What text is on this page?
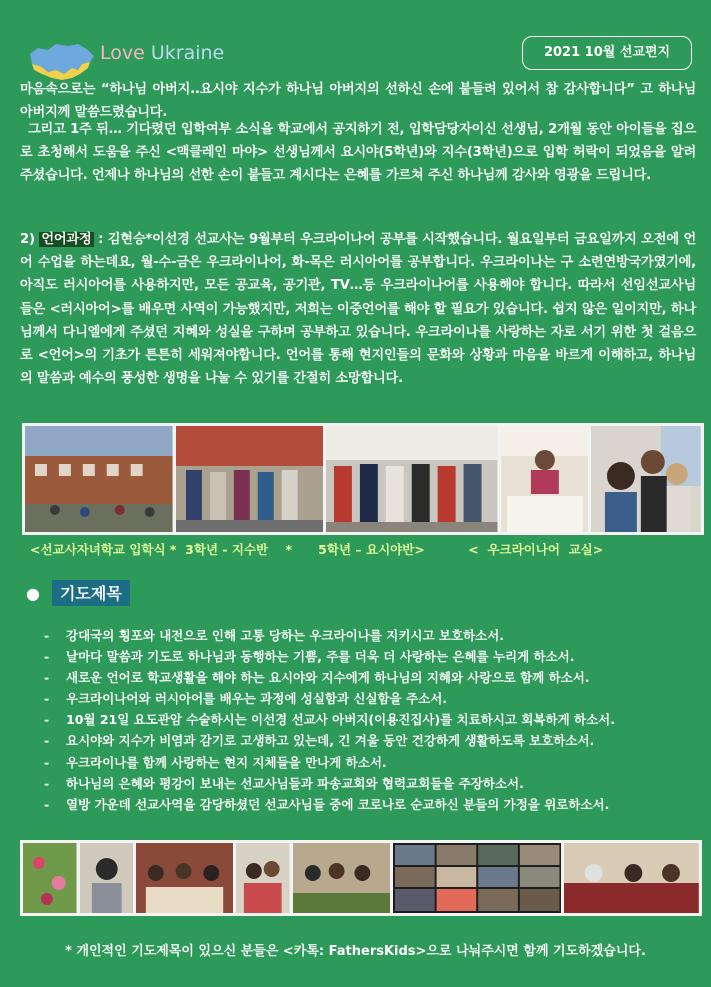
Love Ukraine	2021 10월 선교편지
마음속으로는 “하나님 아버지..요시야 지수가 하나님 아버지의 선하신 손에 붙들려 있어서 참 감사합니다” 고 하나님 아버지께 말씀드렸습니다.
그리고 1주 뒤… 기다렸던 입학여부 소식을 학교에서 공지하기 전, 입학담당자이신 선생님, 2개월 동안 아이들을 집으로 초청해서 도움을 주신 <맥클레인 마야> 선생님께서 요시야(5학년)와 지수(3학년)으로 입학 허락이 되었음을 알려주셨습니다. 언제나 하나님의 선한 손이 붙들고 계시다는 은혜를 가르쳐 주신 하나님께 감사와 영광을 드립니다.
2) 언어과정 : 김현승*이선경 선교사는 9월부터 우크라이나어 공부를 시작했습니다. 월요일부터 금요일까지 오전에 언어 수업을 하는데요, 월-수-금은 우크라이나어, 화-목은 러시아어를 공부합니다. 우크라이나는 구 소련연방국가였기에, 아직도 러시아어를 사용하지만, 모든 공교육, 공기관, TV…등 우크라이나어를 사용해야 합니다. 따라서 선임선교사님들은 <러시아어>를 배우면 사역이 가능했지만, 저희는 이중언어를 해야 할 필요가 있습니다. 쉽지 않은 일이지만, 하나님께서 다니엘에게 주셨던 지혜와 성실을 구하며 공부하고 있습니다. 우크라이나를 사랑하는 자로 서기 위한 첫 걸음으로 <언어>의 기초가 튼튼히 세워져야합니다. 언어를 통해 현지인들의 문화와 상황과 마음을 바르게 이해하고, 하나님의 말씀과 예수의 풍성한 생명을 나눌 수 있기를 간절히 소망합니다.
<선교사자녀학교 입학식 *  3학년 - 지수반    *      5학년 – 요시야반>          <  우크라이나어  교실>
●	기도제목
- 강대국의 횡포와 내전으로 인해 고통 당하는 우크라이나를 지키시고 보호하소서.
- 날마다 말씀과 기도로 하나님과 동행하는 기쁨, 주를 더욱 더 사랑하는 은혜를 누리게 하소서.
- 새로운 언어로 학교생활을 해야 하는 요시야와 지수에게 하나님의 지혜와 사랑으로 함께 하소서.
- 우크라이나어와 러시아어를 배우는 과정에 성실함과 신실함을 주소서.
- 10월 21일 요도관암 수술하시는 이선경 선교사 아버지(이용진집사)를 치료하시고 회복하게 하소서.
- 요시야와 지수가 비염과 감기로 고생하고 있는데, 긴 겨울 동안 건강하게 생활하도록 보호하소서.
- 우크라이나를 함께 사랑하는 현지 지체들을 만나게 하소서.
- 하나님의 은혜와 평강이 보내는 선교사님들과 파송교회와 협력교회들을 주장하소서.
- 열방 가운데 선교사역을 감당하셨던 선교사님들 중에 코로나로 순교하신 분들의 가정을 위로하소서.
* 개인적인 기도제목이 있으신 분들은 <카톡: FathersKids>으로 나눠주시면 함께 기도하겠습니다.
